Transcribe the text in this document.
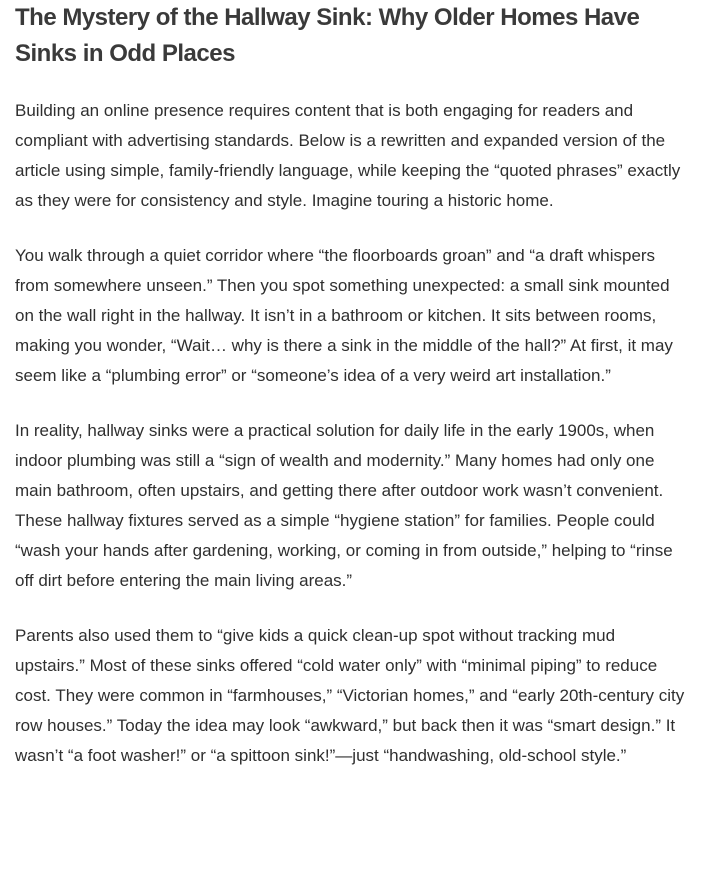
The Mystery of the Hallway Sink: Why Older Homes Have Sinks in Odd Places

Building an online presence requires content that is both engaging for readers and compliant with advertising standards. Below is a rewritten and expanded version of the article using simple, family-friendly language, while keeping the “quoted phrases” exactly as they were for consistency and style. Imagine touring a historic home.

You walk through a quiet corridor where “the floorboards groan” and “a draft whispers from somewhere unseen.” Then you spot something unexpected: a small sink mounted on the wall right in the hallway. It isn’t in a bathroom or kitchen. It sits between rooms, making you wonder, “Wait… why is there a sink in the middle of the hall?” At first, it may seem like a “plumbing error” or “someone’s idea of a very weird art installation.”

In reality, hallway sinks were a practical solution for daily life in the early 1900s, when indoor plumbing was still a “sign of wealth and modernity.” Many homes had only one main bathroom, often upstairs, and getting there after outdoor work wasn’t convenient. These hallway fixtures served as a simple “hygiene station” for families. People could “wash your hands after gardening, working, or coming in from outside,” helping to “rinse off dirt before entering the main living areas.”

Parents also used them to “give kids a quick clean-up spot without tracking mud upstairs.” Most of these sinks offered “cold water only” with “minimal piping” to reduce cost. They were common in “farmhouses,” “Victorian homes,” and “early 20th-century city row houses.” Today the idea may look “awkward,” but back then it was “smart design.” It wasn’t “a foot washer!” or “a spittoon sink!”—just “handwashing, old-school style.”
